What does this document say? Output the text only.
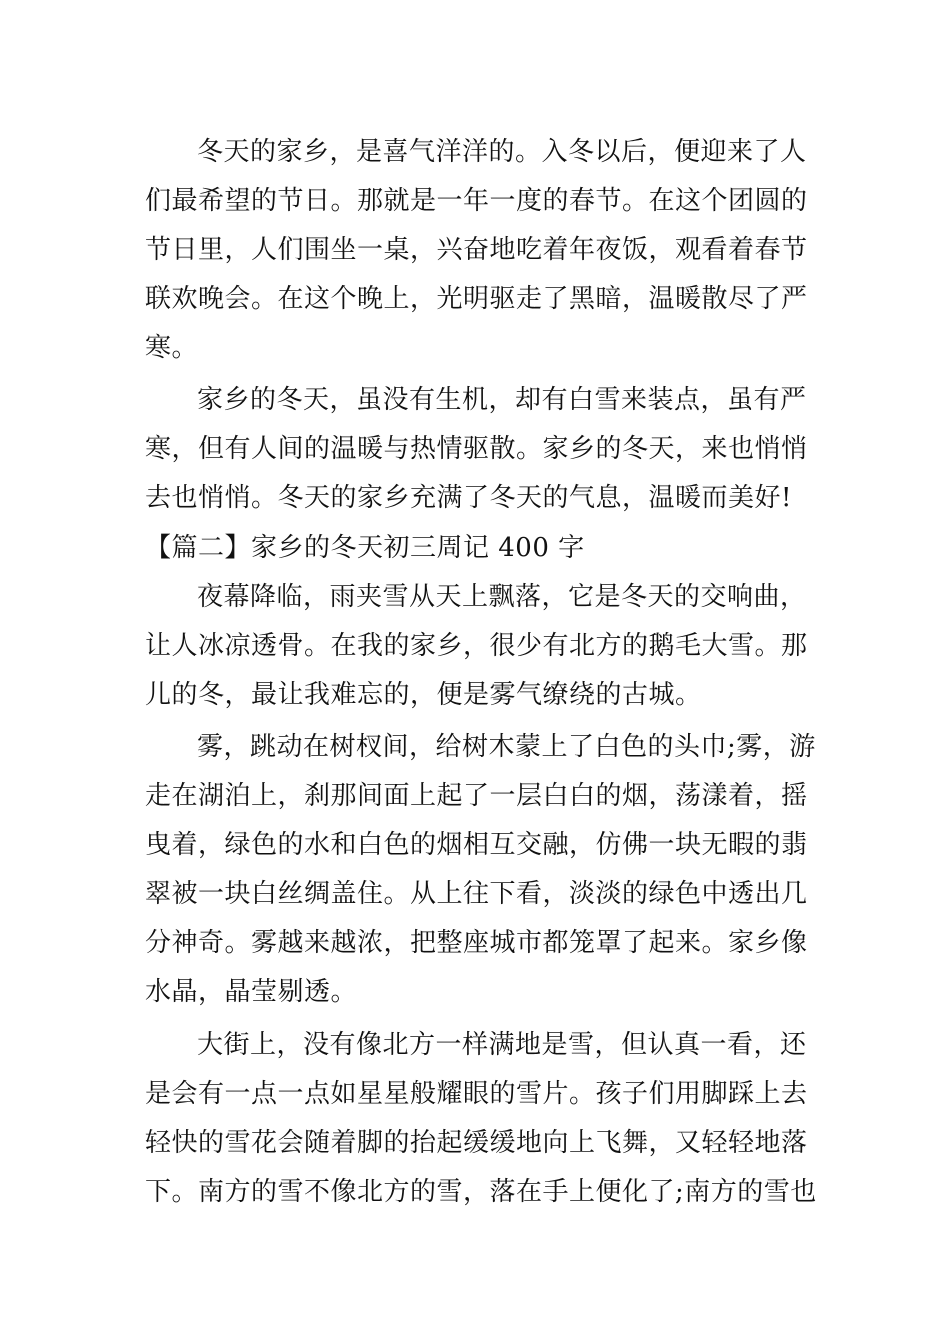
冬天的家乡，是喜气洋洋的。入冬以后，便迎来了人
们最希望的节日。那就是一年一度的春节。在这个团圆的
节日里，人们围坐一桌，兴奋地吃着年夜饭，观看着春节
联欢晚会。在这个晚上，光明驱走了黑暗，温暖散尽了严
寒。
家乡的冬天，虽没有生机，却有白雪来装点，虽有严
寒，但有人间的温暖与热情驱散。家乡的冬天，来也悄悄
去也悄悄。冬天的家乡充满了冬天的气息，温暖而美好!
【篇二】家乡的冬天初三周记 400 字
夜幕降临，雨夹雪从天上飘落，它是冬天的交响曲，
让人冰凉透骨。在我的家乡，很少有北方的鹅毛大雪。那
儿的冬，最让我难忘的，便是雾气缭绕的古城。
雾，跳动在树杈间，给树木蒙上了白色的头巾;雾，游
走在湖泊上，刹那间面上起了一层白白的烟，荡漾着，摇
曳着，绿色的水和白色的烟相互交融，仿佛一块无暇的翡
翠被一块白丝绸盖住。从上往下看，淡淡的绿色中透出几
分神奇。雾越来越浓，把整座城市都笼罩了起来。家乡像
水晶，晶莹剔透。
大街上，没有像北方一样满地是雪，但认真一看，还
是会有一点一点如星星般耀眼的雪片。孩子们用脚踩上去
轻快的雪花会随着脚的抬起缓缓地向上飞舞，又轻轻地落
下。南方的雪不像北方的雪，落在手上便化了;南方的雪也
